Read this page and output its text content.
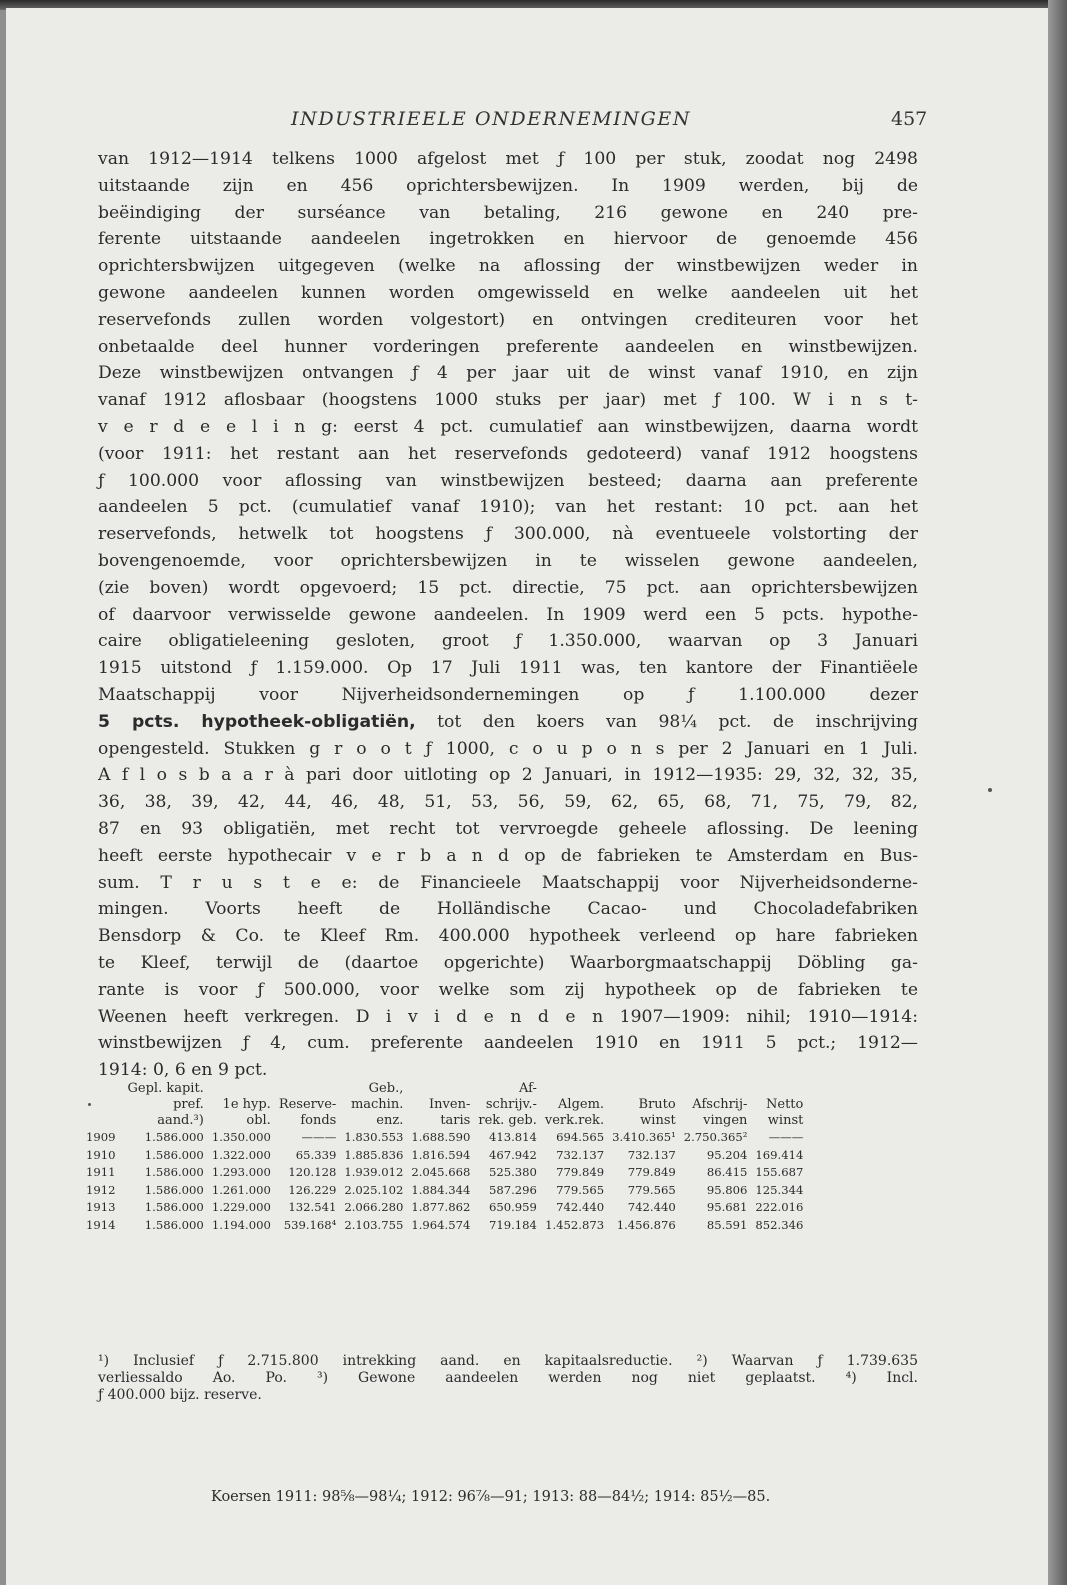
INDUSTRIEELE ONDERNEMINGEN	457
van 1912—1914 telkens 1000 afgelost met ƒ 100 per stuk, zoodat nog 2498
uitstaande zijn en 456 oprichtersbewijzen. In 1909 werden, bij de
beëindiging der surséance van betaling, 216 gewone en 240 pre-
ferente uitstaande aandeelen ingetrokken en hiervoor de genoemde 456
oprichtersbwijzen uitgegeven (welke na aflossing der winstbewijzen weder in
gewone aandeelen kunnen worden omgewisseld en welke aandeelen uit het
reservefonds zullen worden volgestort) en ontvingen crediteuren voor het
onbetaalde deel hunner vorderingen preferente aandeelen en winstbewijzen.
Deze winstbewijzen ontvangen ƒ 4 per jaar uit de winst vanaf 1910, en zijn
vanaf 1912 aflosbaar (hoogstens 1000 stuks per jaar) met ƒ 100. W i n s t-
v e r d e e l i n g: eerst 4 pct. cumulatief aan winstbewijzen, daarna wordt
(voor 1911: het restant aan het reservefonds gedoteerd) vanaf 1912 hoogstens
ƒ 100.000 voor aflossing van winstbewijzen besteed; daarna aan preferente
aandeelen 5 pct. (cumulatief vanaf 1910); van het restant: 10 pct. aan het
reservefonds, hetwelk tot hoogstens ƒ 300.000, nà eventueele volstorting der
bovengenoemde, voor oprichtersbewijzen in te wisselen gewone aandeelen,
(zie boven) wordt opgevoerd; 15 pct. directie, 75 pct. aan oprichtersbewijzen
of daarvoor verwisselde gewone aandeelen. In 1909 werd een 5 pcts. hypothe-
caire obligatieleening gesloten, groot ƒ 1.350.000, waarvan op 3 Januari
1915 uitstond ƒ 1.159.000. Op 17 Juli 1911 was, ten kantore der Finantiëele
Maatschappij voor Nijverheidsondernemingen op ƒ 1.100.000 dezer
5 pcts. hypotheek-obligatiën, tot den koers van 98¼ pct. de inschrijving
opengesteld. Stukken g r o o t ƒ 1000, c o u p o n s per 2 Januari en 1 Juli.
A f l o s b a a r à pari door uitloting op 2 Januari, in 1912—1935: 29, 32, 32, 35,
36, 38, 39, 42, 44, 46, 48, 51, 53, 56, 59, 62, 65, 68, 71, 75, 79, 82,
87 en 93 obligatiën, met recht tot vervroegde geheele aflossing. De leening
heeft eerste hypothecair v e r b a n d op de fabrieken te Amsterdam en Bus-
sum. T r u s t e e: de Financieele Maatschappij voor Nijverheidsonderne-
mingen. Voorts heeft de Holländische Cacao- und Chocoladefabriken
Bensdorp & Co. te Kleef Rm. 400.000 hypotheek verleend op hare fabrieken
te Kleef, terwijl de (daartoe opgerichte) Waarborgmaatschappij Döbling ga-
rante is voor ƒ 500.000, voor welke som zij hypotheek op de fabrieken te
Weenen heeft verkregen. D i v i d e n d e n 1907—1909: nihil; 1910—1914:
winstbewijzen ƒ 4, cum. preferente aandeelen 1910 en 1911 5 pct.; 1912—
1914: 0, 6 en 9 pct.
	Gepl. kapit.			Geb.,		Af-				
	pref.	1e hyp.	Reserve-	machin.	Inven-	schrijv.-	Algem.	Bruto	Afschrij-	Netto
	aand.³)	obl.	fonds	enz.	taris	rek. geb.	verk.rek.	winst	vingen	winst
1909	1.586.000	1.350.000	———	1.830.553	1.688.590	413.814	694.565	3.410.365¹	2.750.365²	———
1910	1.586.000	1.322.000	65.339	1.885.836	1.816.594	467.942	732.137	732.137	95.204	169.414
1911	1.586.000	1.293.000	120.128	1.939.012	2.045.668	525.380	779.849	779.849	86.415	155.687
1912	1.586.000	1.261.000	126.229	2.025.102	1.884.344	587.296	779.565	779.565	95.806	125.344
1913	1.586.000	1.229.000	132.541	2.066.280	1.877.862	650.959	742.440	742.440	95.681	222.016
1914	1.586.000	1.194.000	539.168⁴	2.103.755	1.964.574	719.184	1.452.873	1.456.876	85.591	852.346
¹) Inclusief ƒ 2.715.800 intrekking aand. en kapitaalsreductie. ²) Waarvan ƒ 1.739.635
verliessaldo Ao. Po. ³) Gewone aandeelen werden nog niet geplaatst. ⁴) Incl.
ƒ 400.000 bijz. reserve.
Koersen 1911: 98⅝—98¼; 1912: 96⅞—91; 1913: 88—84½; 1914: 85½—85.
